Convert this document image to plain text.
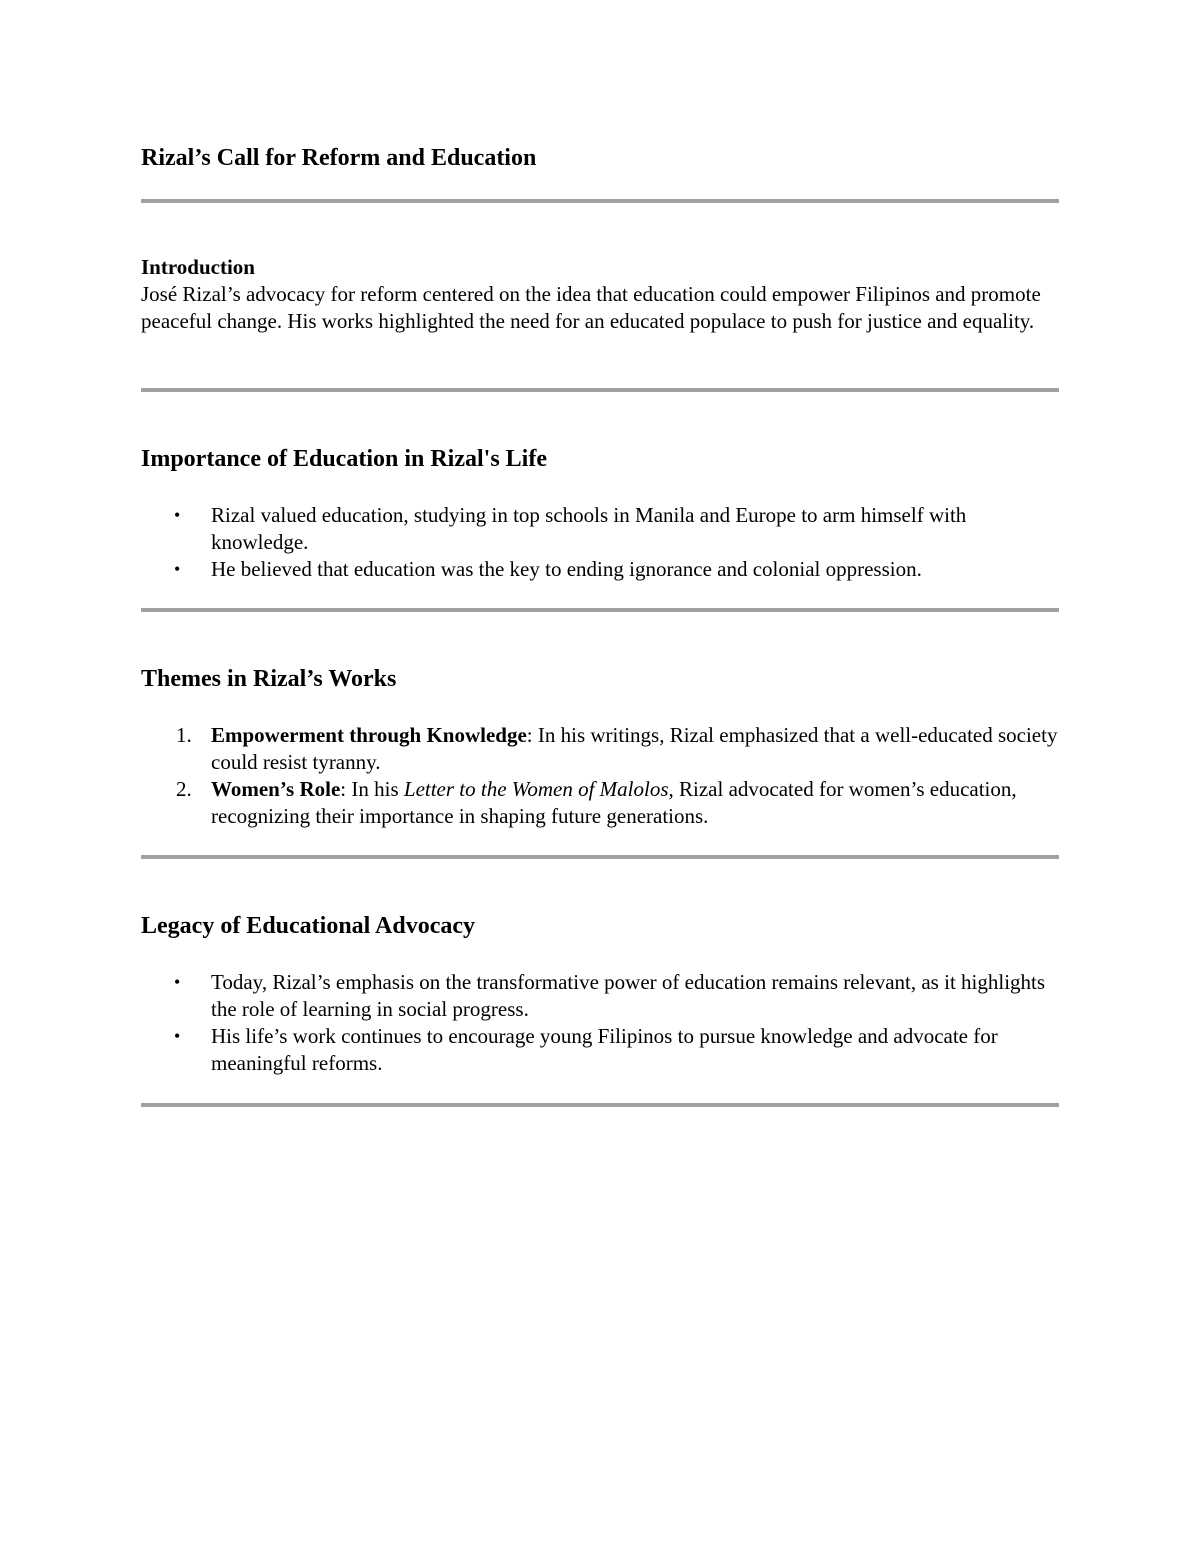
Rizal’s Call for Reform and Education
Introduction

José Rizal’s advocacy for reform centered on the idea that education could empower Filipinos and promote peaceful change. His works highlighted the need for an educated populace to push for justice and equality.

Importance of Education in Rizal's Life
• Rizal valued education, studying in top schools in Manila and Europe to arm himself with knowledge.
• He believed that education was the key to ending ignorance and colonial oppression.
Themes in Rizal’s Works
1. Empowerment through Knowledge: In his writings, Rizal emphasized that a well-educated society could resist tyranny.
2. Women’s Role: In his Letter to the Women of Malolos, Rizal advocated for women’s education, recognizing their importance in shaping future generations.
Legacy of Educational Advocacy
• Today, Rizal’s emphasis on the transformative power of education remains relevant, as it highlights the role of learning in social progress.
• His life’s work continues to encourage young Filipinos to pursue knowledge and advocate for meaningful reforms.
